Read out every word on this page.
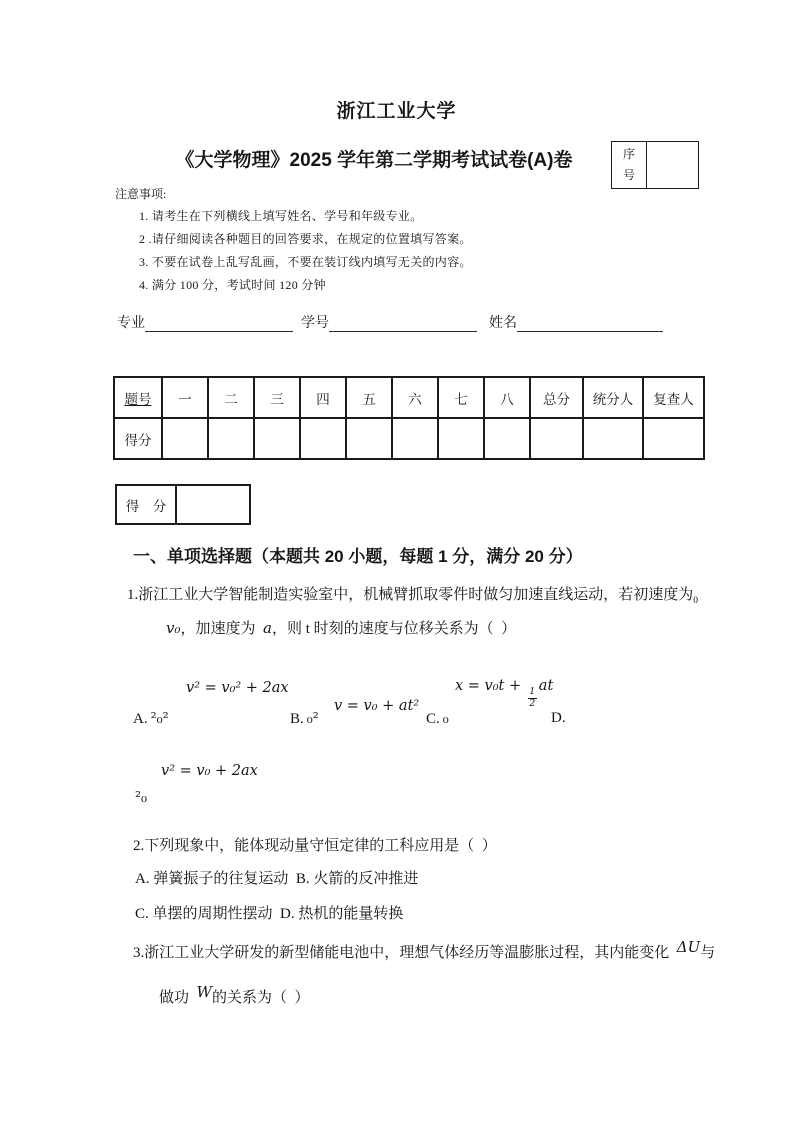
浙江工业大学
《大学物理》2025 学年第二学期考试试卷(A)卷	序
号

注意事项:
1. 请考生在下列横线上填写姓名、学号和年级专业。
2 .请仔细阅读各种题目的回答要求，在规定的位置填写答案。
3. 不要在试卷上乱写乱画，不要在装订线内填写无关的内容。
4. 满分 100 分，考试时间 120 分钟
专业	学号	姓名
题号	一	二	三	四	五	六	七	八	总分	统分人	复查人
得分											
得　分	
一、单项选择题（本题共 20 小题，每题 1 分，满分 20 分）
1.浙江工业大学智能制造实验室中，机械臂抓取零件时做匀加速直线运动，若初速度为$_0$
v₀，加速度为  a，则 t 时刻的速度与位移关系为（  ）
v² = v₀² + 2ax
v = v₀ + at²
x = v₀t +
$\frac{1}{2}$
at
v² = v₀ + 2ax
A. ²₀²	B. ₀²	C. ₀	D.
²₀
2.下列现象中，能体现动量守恒定律的工科应用是（  ）
A. 弹簧振子的往复运动  B. 火箭的反冲推进
C. 单摆的周期性摆动  D. 热机的能量转换
3.浙江工业大学研发的新型储能电池中，理想气体经历等温膨胀过程，其内能变化  ΔU与
做功  W的关系为（  ）
